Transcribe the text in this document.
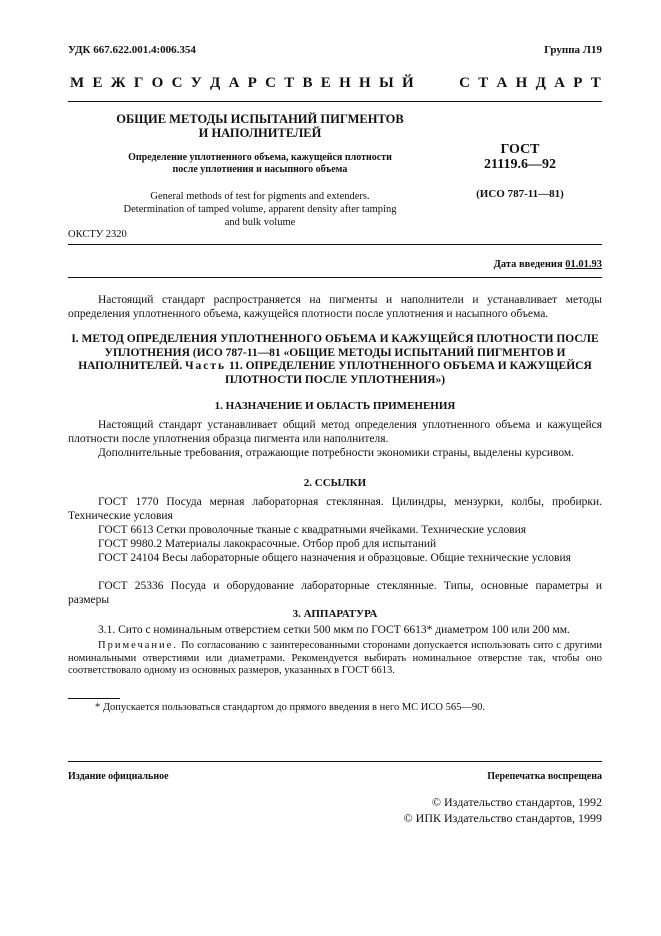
УДК 667.622.001.4:006.354	Группа Л19
М Е Ж Г О С У Д А Р С Т В Е Н Н Ы Й	С Т А Н Д А Р Т
ОБЩИЕ МЕТОДЫ ИСПЫТАНИЙ ПИГМЕНТОВ И НАПОЛНИТЕЛЕЙ
Определение уплотненного объема, кажущейся плотности после уплотнения и насыпного объема
General methods of test for pigments and extenders. Determination of tamped volume, apparent density after tamping and bulk volume
ГОСТ
21119.6—92
(ИСО 787-11—81)
ОКСТУ 2320
Дата введения 01.01.93
Настоящий стандарт распространяется на пигменты и наполнители и устанавливает методы определения уплотненного объема, кажущейся плотности после уплотнения и насыпного объема.
I. МЕТОД ОПРЕДЕЛЕНИЯ УПЛОТНЕННОГО ОБЪЕМА И КАЖУЩЕЙСЯ ПЛОТНОСТИ ПОСЛЕ УПЛОТНЕНИЯ (ИСО 787-11—81 «ОБЩИЕ МЕТОДЫ ИСПЫТАНИЙ ПИГМЕНТОВ И НАПОЛНИТЕЛЕЙ. Часть 11. ОПРЕДЕЛЕНИЕ УПЛОТНЕННОГО ОБЪЕМА И КАЖУЩЕЙСЯ ПЛОТНОСТИ ПОСЛЕ УПЛОТНЕНИЯ»)
1. НАЗНАЧЕНИЕ И ОБЛАСТЬ ПРИМЕНЕНИЯ
Настоящий стандарт устанавливает общий метод определения уплотненного объема и кажущейся плотности после уплотнения образца пигмента или наполнителя.
Дополнительные требования, отражающие потребности экономики страны, выделены курсивом.
2. ССЫЛКИ
ГОСТ 1770 Посуда мерная лабораторная стеклянная. Цилиндры, мензурки, колбы, пробирки. Технические условия
ГОСТ 6613 Сетки проволочные тканые с квадратными ячейками. Технические условия
ГОСТ 9980.2 Материалы лакокрасочные. Отбор проб для испытаний
ГОСТ 24104 Весы лабораторные общего назначения и образцовые. Общие технические условия
ГОСТ 25336 Посуда и оборудование лабораторные стеклянные. Типы, основные параметры и размеры
3. АППАРАТУРА
3.1. Сито с номинальным отверстием сетки 500 мкм по ГОСТ 6613* диаметром 100 или 200 мм.
Примечание. По согласованию с заинтересованными сторонами допускается использовать сито с другими номинальными отверстиями или диаметрами. Рекомендуется выбирать номинальное отверстие так, чтобы оно соответствовало одному из основных размеров, указанных в ГОСТ 6613.
* Допускается пользоваться стандартом до прямого введения в него МС ИСО 565—90.
Издание официальное	Перепечатка воспрещена
© Издательство стандартов, 1992
© ИПК Издательство стандартов, 1999
